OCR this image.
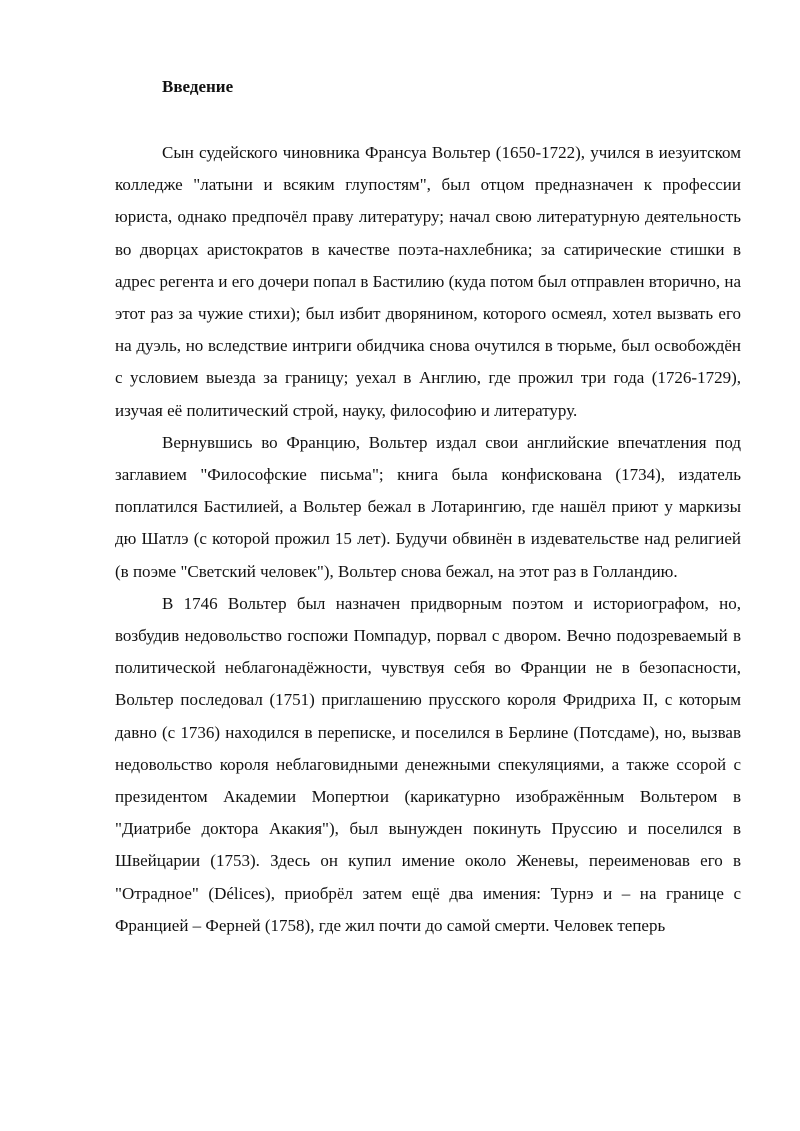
Введение

Сын судейского чиновника Франсуа Вольтер (1650-1722), учился в иезуитском колледже "латыни и всяким глупостям", был отцом предназначен к профессии юриста, однако предпочёл праву литературу; начал свою литературную деятельность во дворцах аристократов в качестве поэта-нахлебника; за сатирические стишки в адрес регента и его дочери попал в Бастилию (куда потом был отправлен вторично, на этот раз за чужие стихи); был избит дворянином, которого осмеял, хотел вызвать его на дуэль, но вследствие интриги обидчика снова очутился в тюрьме, был освобождён с условием выезда за границу; уехал в Англию, где прожил три года (1726-1729), изучая её политический строй, науку, философию и литературу.

Вернувшись во Францию, Вольтер издал свои английские впечатления под заглавием "Философские письма"; книга была конфискована (1734), издатель поплатился Бастилией, а Вольтер бежал в Лотарингию, где нашёл приют у маркизы дю Шатлэ (с которой прожил 15 лет). Будучи обвинён в издевательстве над религией (в поэме "Светский человек"), Вольтер снова бежал, на этот раз в Голландию.

В 1746 Вольтер был назначен придворным поэтом и историографом, но, возбудив недовольство госпожи Помпадур, порвал с двором. Вечно подозреваемый в политической неблагонадёжности, чувствуя себя во Франции не в безопасности, Вольтер последовал (1751) приглашению прусского короля Фридриха II, с которым давно (с 1736) находился в переписке, и поселился в Берлине (Потсдаме), но, вызвав недовольство короля неблаговидными денежными спекуляциями, а также ссорой с президентом Академии Мопертюи (карикатурно изображённым Вольтером в "Диатрибе доктора Акакия"), был вынужден покинуть Пруссию и поселился в Швейцарии (1753). Здесь он купил имение около Женевы, переименовав его в "Отрадное" (Délices), приобрёл затем ещё два имения: Турнэ и – на границе с Францией – Ферней (1758), где жил почти до самой смерти. Человек теперь
